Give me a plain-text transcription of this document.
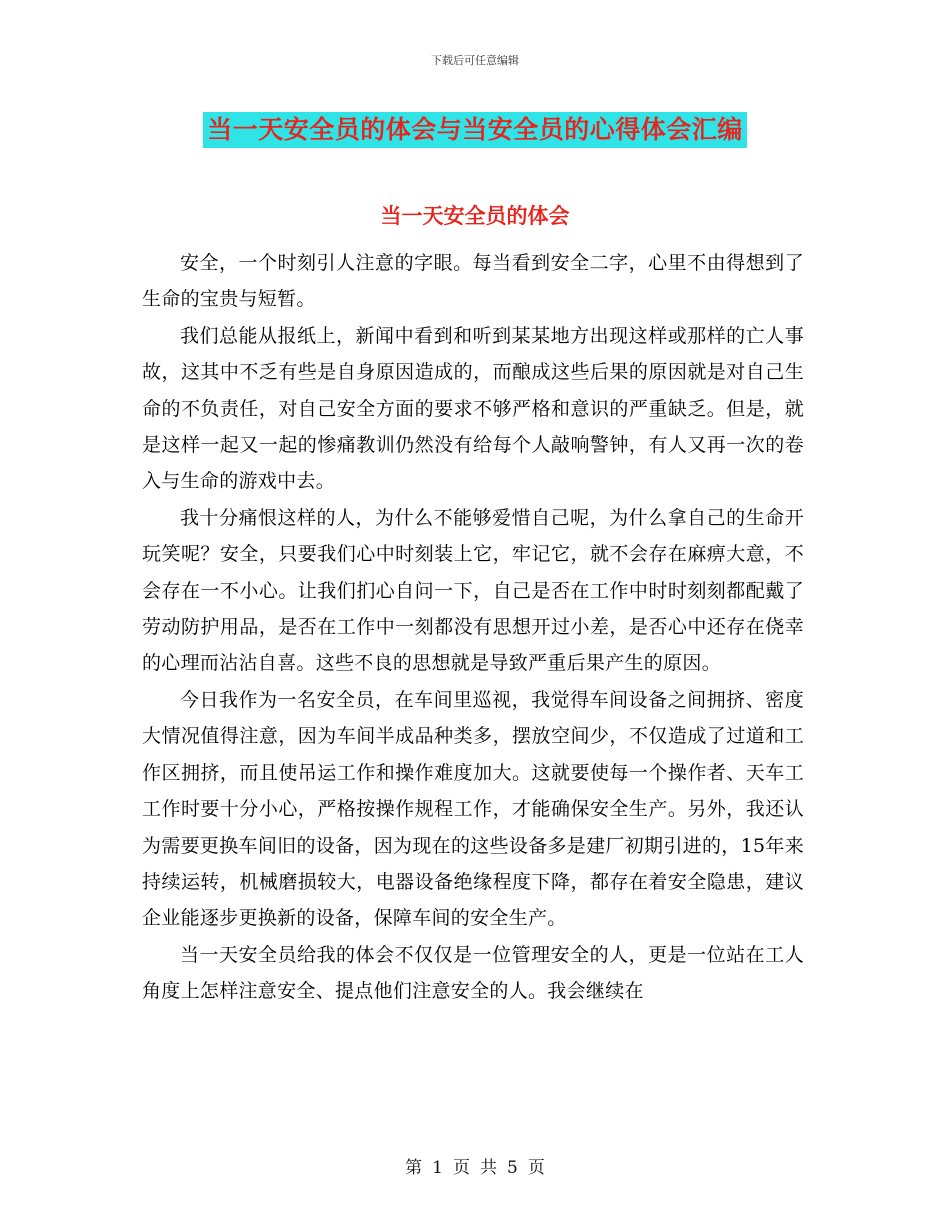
下载后可任意编辑
当一天安全员的体会与当安全员的心得体会汇编
当一天安全员的体会

安全，一个时刻引人注意的字眼。每当看到安全二字，心里不由得想到了生命的宝贵与短暂。

我们总能从报纸上，新闻中看到和听到某某地方出现这样或那样的亡人事故，这其中不乏有些是自身原因造成的，而酿成这些后果的原因就是对自己生命的不负责任，对自己安全方面的要求不够严格和意识的严重缺乏。但是，就是这样一起又一起的惨痛教训仍然没有给每个人敲响警钟，有人又再一次的卷入与生命的游戏中去。

我十分痛恨这样的人，为什么不能够爱惜自己呢，为什么拿自己的生命开玩笑呢？安全，只要我们心中时刻装上它，牢记它，就不会存在麻痹大意，不会存在一不小心。让我们扪心自问一下，自己是否在工作中时时刻刻都配戴了劳动防护用品，是否在工作中一刻都没有思想开过小差，是否心中还存在侥幸的心理而沾沾自喜。这些不良的思想就是导致严重后果产生的原因。

今日我作为一名安全员，在车间里巡视，我觉得车间设备之间拥挤、密度大情况值得注意，因为车间半成品种类多，摆放空间少，不仅造成了过道和工作区拥挤，而且使吊运工作和操作难度加大。这就要使每一个操作者、天车工工作时要十分小心，严格按操作规程工作，才能确保安全生产。另外，我还认为需要更换车间旧的设备，因为现在的这些设备多是建厂初期引进的，15年来持续运转，机械磨损较大，电器设备绝缘程度下降，都存在着安全隐患，建议企业能逐步更换新的设备，保障车间的安全生产。

当一天安全员给我的体会不仅仅是一位管理安全的人，更是一位站在工人角度上怎样注意安全、提点他们注意安全的人。我会继续在

第 1 页 共 5 页
